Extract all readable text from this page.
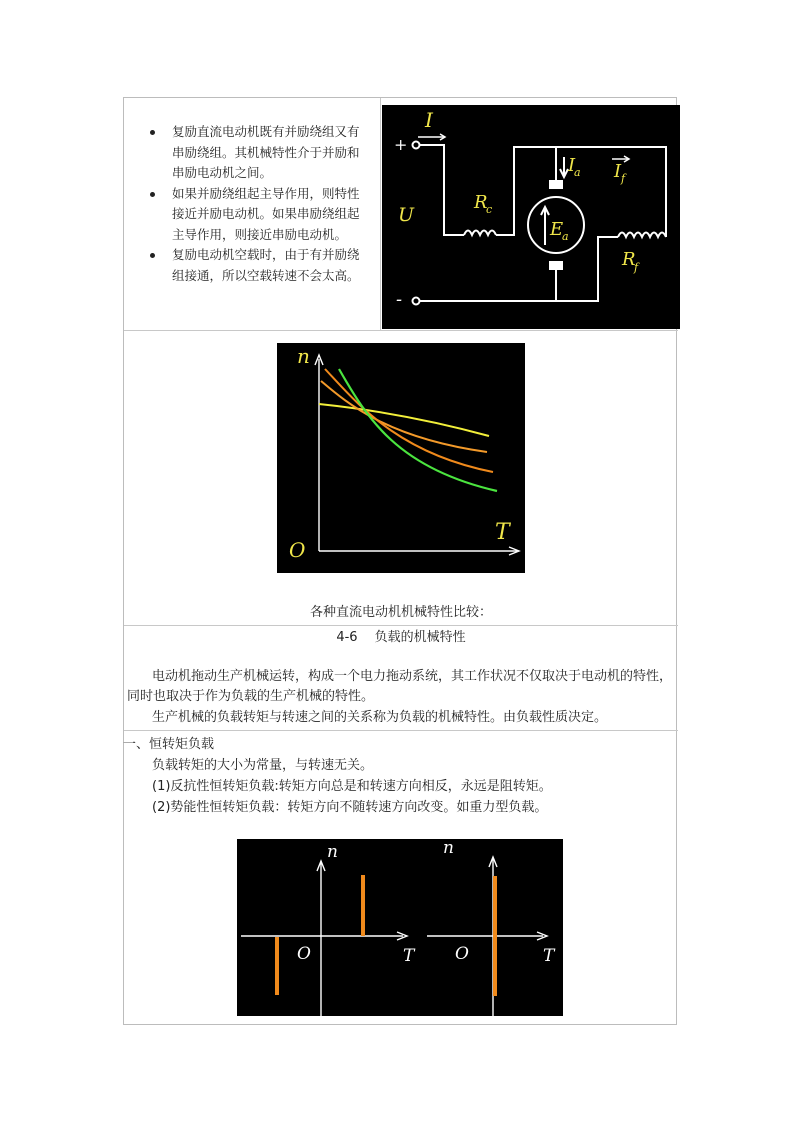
复励直流电动机既有并励绕组又有
串励绕组。其机械特性介于并励和
串励电动机之间。
如果并励绕组起主导作用，则特性
接近并励电动机。如果串励绕组起
主导作用，则接近串励电动机。
复励电动机空载时，由于有并励绕
组接通，所以空载转速不会太高。
I
+
-
U
R
c
I
a I f
E
a
R
f
n
T
O
各种直流电动机机械特性比较：
4-6　 负载的机械特性
电动机拖动生产机械运转，构成一个电力拖动系统，其工作状况不仅取决于电动机的特性，
同时也取决于作为负载的生产机械的特性。
生产机械的负载转矩与转速之间的关系称为负载的机械特性。由负载性质决定。
一、恒转矩负载
负载转矩的大小为常量，与转速无关。
(1)反抗性恒转矩负载:转矩方向总是和转速方向相反，永远是阻转矩。
(2)势能性恒转矩负载：转矩方向不随转速方向改变。如重力型负载。
n
T
O
n
T
O
